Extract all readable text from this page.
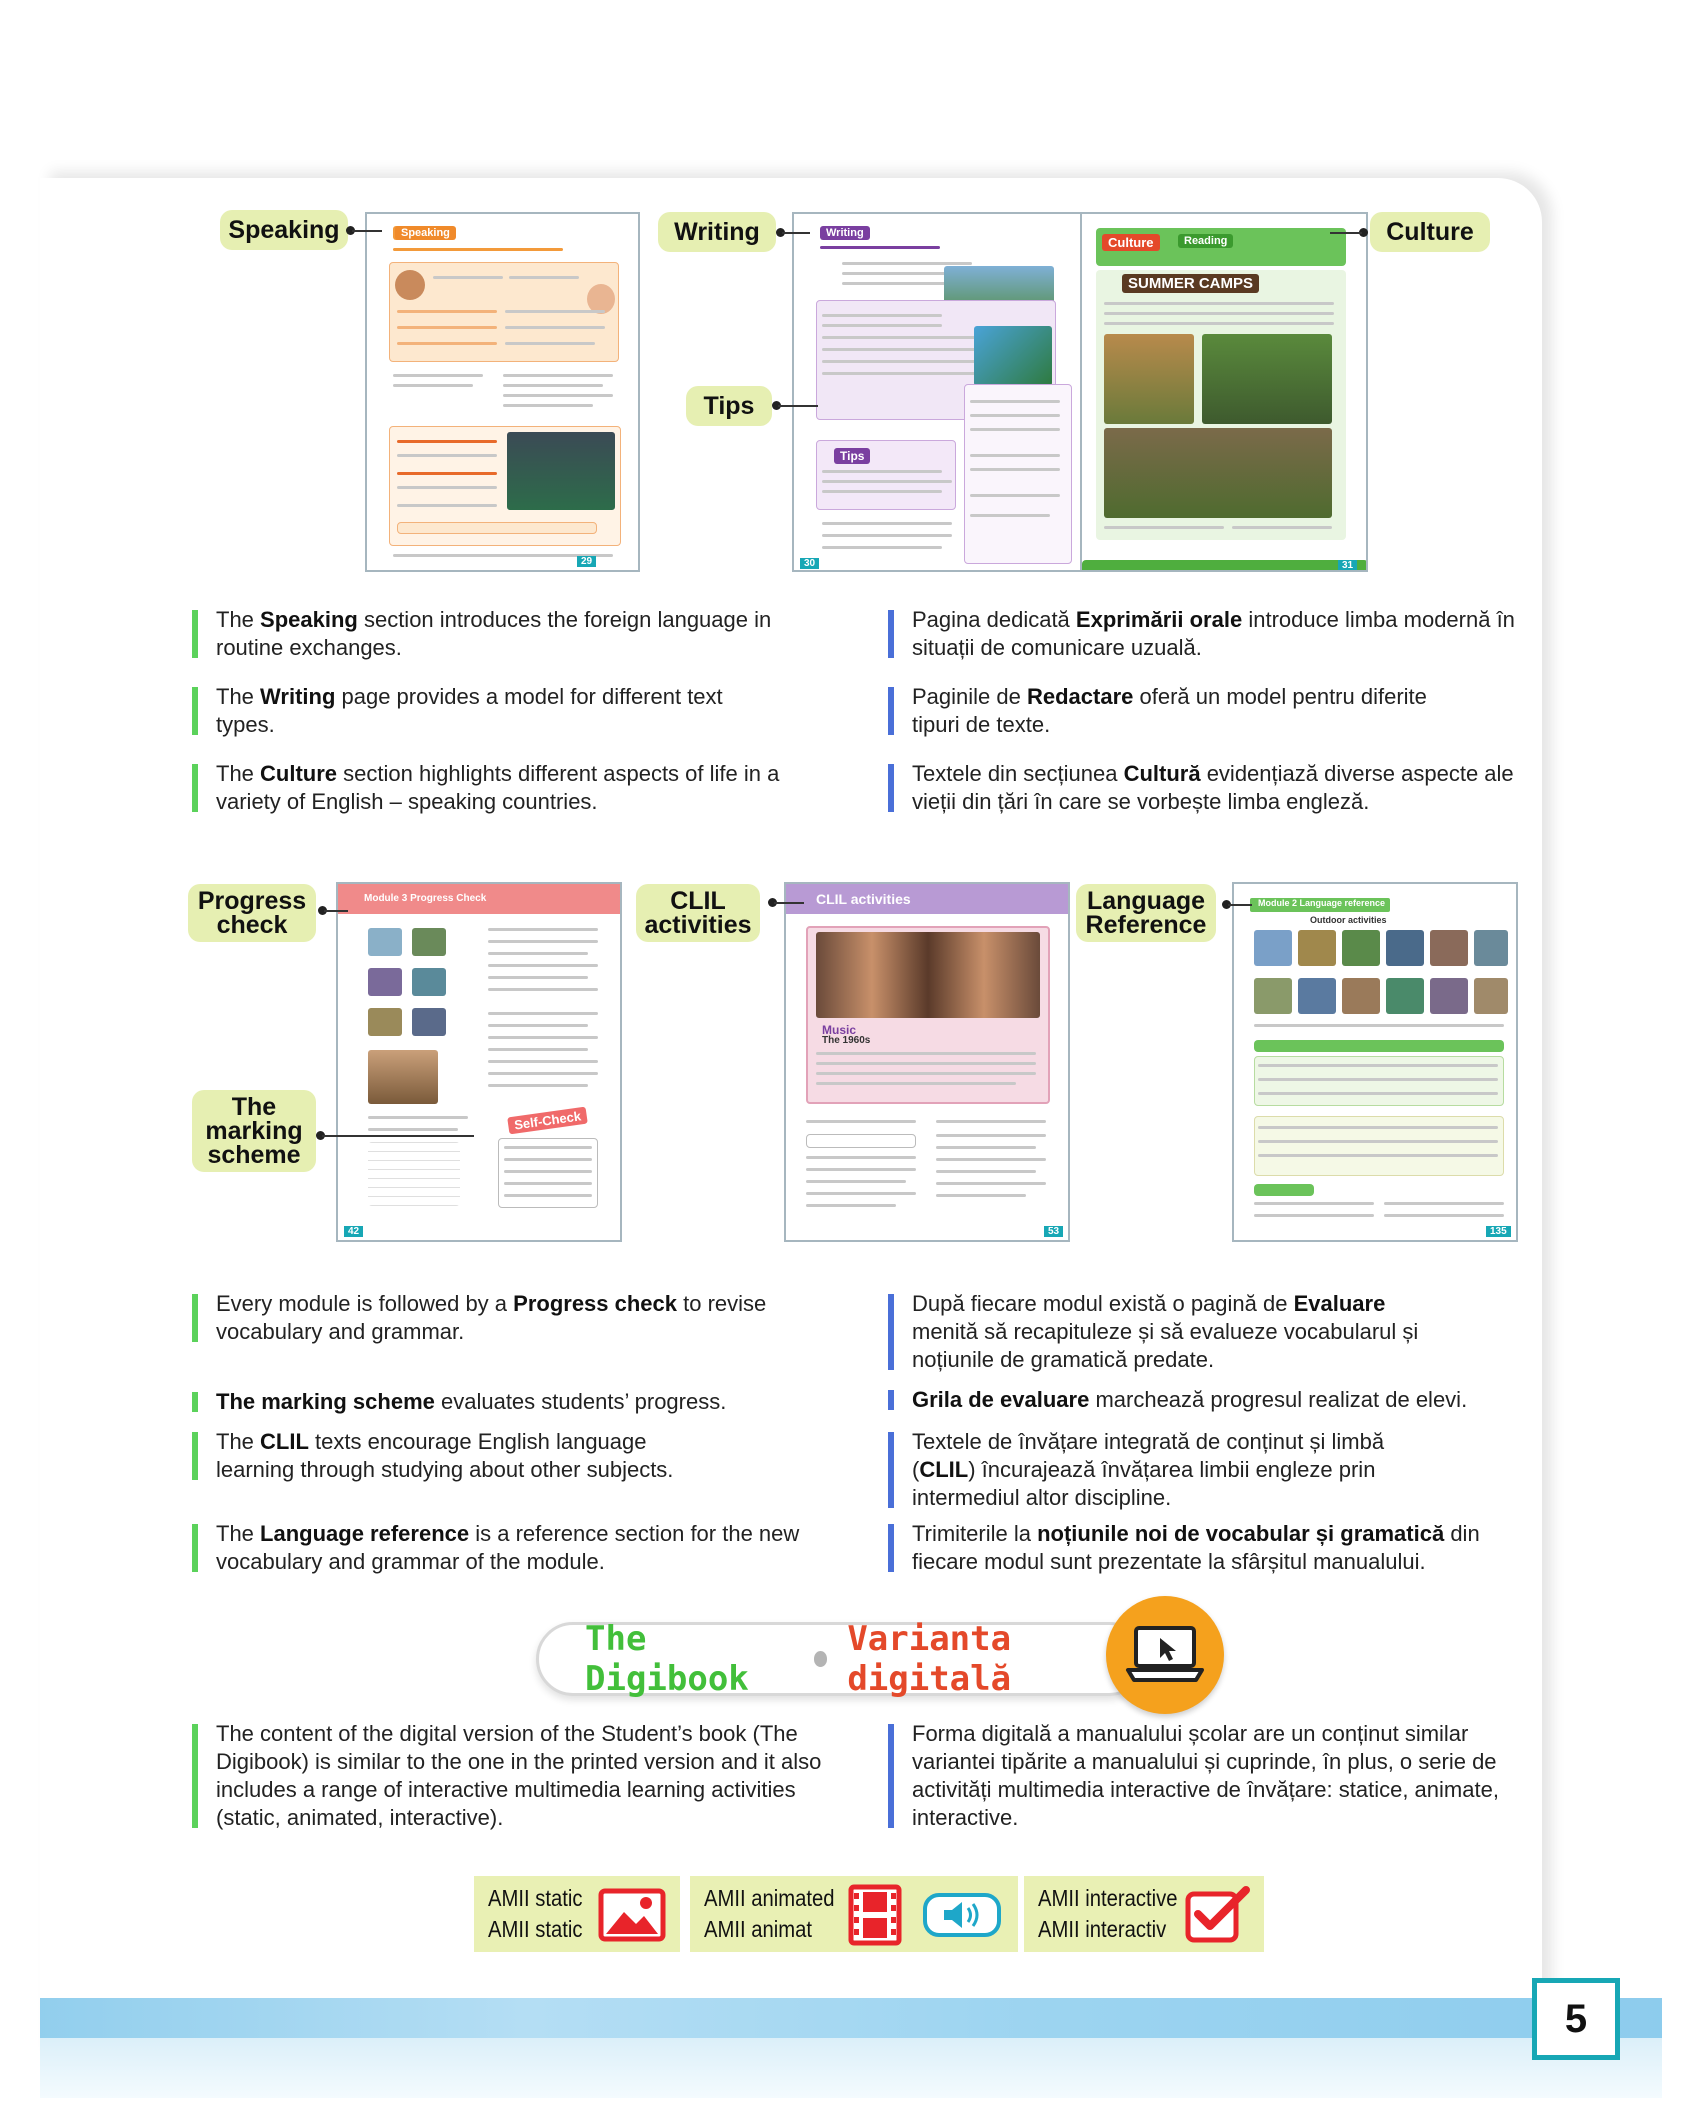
Speaking
29
Writing
Tips
30
Culture	Reading
SUMMER CAMPS
31
Speaking	Writing
Tips
Culture
The Speaking section introduces the foreign language in routine exchanges.
Pagina dedicată Exprimării orale introduce limba modernă în situații de comunicare uzuală.
The Writing page provides a model for different text types.
Paginile de Redactare oferă un model pentru diferite tipuri de texte.
The Culture section highlights different aspects of life in a variety of English – speaking countries.
Textele din secțiunea Cultură evidențiază diverse aspecte ale vieții din țări în care se vorbește limba engleză.
Module 3 Progress Check
Self-Check
42
CLIL activities
Music
The 1960s
53
Module 2 Language reference
Outdoor activities
135
Progress check
The marking scheme
CLIL activities
Language Reference
Every module is followed by a Progress check to revise vocabulary and grammar.
După fiecare modul există o pagină de Evaluare menită să recapituleze și să evalueze vocabularul și noțiunile de gramatică predate.
The marking scheme evaluates students’ progress.	Grila de evaluare marchează progresul realizat de elevi.
The CLIL texts encourage English language learning through studying about other subjects.
Textele de învățare integrată de conținut și limbă (CLIL) încurajează învățarea limbii engleze prin intermediul altor discipline.
The Language reference is a reference section for the new vocabulary and grammar of the module.
Trimiterile la noțiunile noi de vocabular și gramatică din fiecare modul sunt prezentate la sfârșitul manualului.
The Digibook
Varianta digitală
The content of the digital version of the Student’s book (The Digibook) is similar to the one in the printed version and it also includes a range of interactive multimedia learning activities (static, animated, interactive).
Forma digitală a manualului școlar are un conținut similar variantei tipărite a manualului și cuprinde, în plus, o serie de activități multimedia interactive de învățare: statice, animate, interactive.
AMII static
AMII static
AMII animated
AMII animat
AMII interactive
AMII interactiv
5
